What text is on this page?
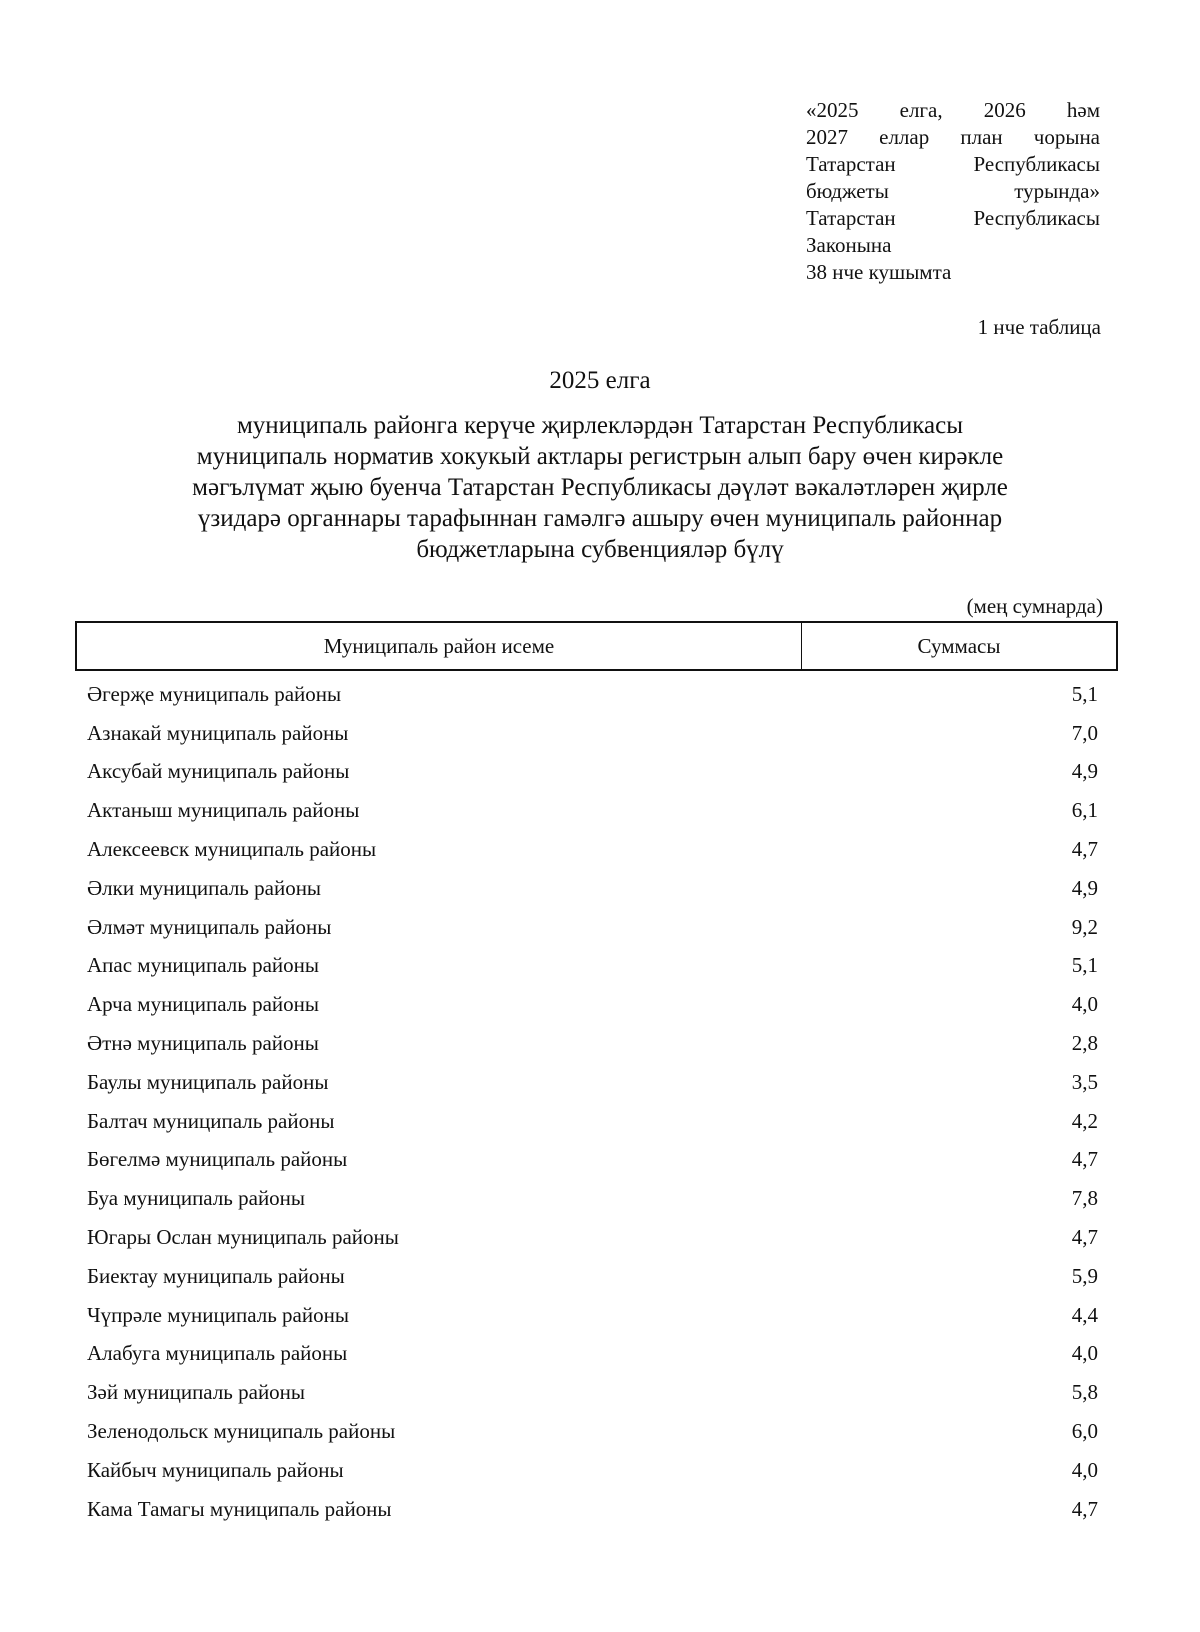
«2025 елга, 2026 һәм
2027 еллар план чорына
Татарстан Республикасы
бюджеты турында»
Татарстан Республикасы
Законына
38 нче кушымта
1 нче таблица
2025 елга
муниципаль районга керүче җирлекләрдән Татарстан Республикасы
муниципаль норматив хокукый актлары регистрын алып бару өчен кирәкле
мәгълүмат җыю буенча Татарстан Республикасы дәүләт вәкаләтләрен җирле
үзидарә органнары тарафыннан гамәлгә ашыру өчен муниципаль районнар
бюджетларына субвенцияләр бүлү
(мең сумнарда)
Муниципаль район исеме	Суммасы
Әгерҗе муниципаль районы	5,1
Азнакай муниципаль районы	7,0
Аксубай муниципаль районы	4,9
Актаныш муниципаль районы	6,1
Алексеевск муниципаль районы	4,7
Әлки муниципаль районы	4,9
Әлмәт муниципаль районы	9,2
Апас муниципаль районы	5,1
Арча муниципаль районы	4,0
Әтнә муниципаль районы	2,8
Баулы муниципаль районы	3,5
Балтач муниципаль районы	4,2
Бөгелмә муниципаль районы	4,7
Буа муниципаль районы	7,8
Югары Ослан муниципаль районы	4,7
Биектау муниципаль районы	5,9
Чүпрәле муниципаль районы	4,4
Алабуга муниципаль районы	4,0
Зәй муниципаль районы	5,8
Зеленодольск муниципаль районы	6,0
Кайбыч муниципаль районы	4,0
Кама Тамагы муниципаль районы	4,7
